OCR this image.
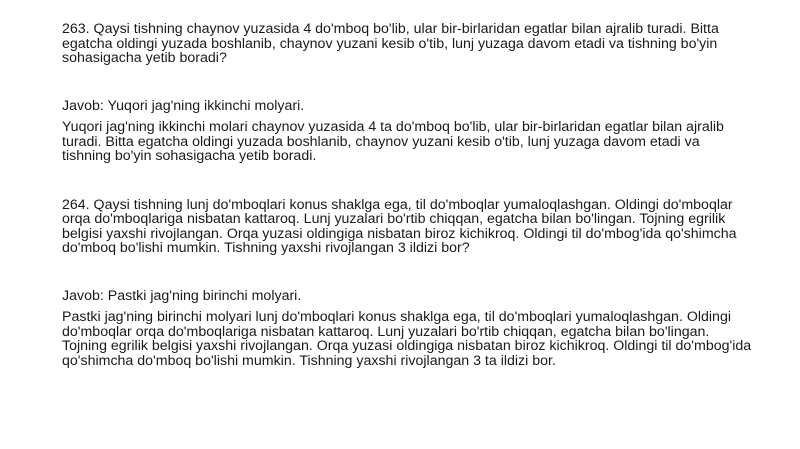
263. Qaysi tishning chaynov yuzasida 4 do'mboq bo'lib, ular bir-birlaridan egatlar bilan ajralib turadi. Bitta egatcha oldingi yuzada boshlanib, chaynov yuzani kesib o'tib, lunj yuzaga davom etadi va tishning bo'yin sohasigacha yetib boradi?

Javob: Yuqori jag'ning ikkinchi molyari.

Yuqori jag'ning ikkinchi molari chaynov yuzasida 4 ta do'mboq bo'lib, ular bir-birlaridan egatlar bilan ajralib turadi. Bitta egatcha oldingi yuzada boshlanib, chaynov yuzani kesib o'tib, lunj yuzaga davom etadi va tishning bo'yin sohasigacha yetib boradi.

264. Qaysi tishning lunj do'mboqlari konus shaklga ega, til do'mboqlar yumaloqlashgan. Oldingi do'mboqlar orqa do'mboqlariga nisbatan kattaroq. Lunj yuzalari bo'rtib chiqqan, egatcha bilan bo'lingan. Tojning egrilik belgisi yaxshi rivojlangan. Orqa yuzasi oldingiga nisbatan biroz kichikroq. Oldingi til do'mbog'ida qo'shimcha do'mboq bo'lishi mumkin. Tishning yaxshi rivojlangan 3 ildizi bor?

Javob: Pastki jag'ning birinchi molyari.

Pastki jag'ning birinchi molyari lunj do'mboqlari konus shaklga ega, til do'mboqlari yumaloqlashgan. Oldingi do'mboqlar orqa do'mboqlariga nisbatan kattaroq. Lunj yuzalari bo'rtib chiqqan, egatcha bilan bo'lingan. Tojning egrilik belgisi yaxshi rivojlangan. Orqa yuzasi oldingiga nisbatan biroz kichikroq. Oldingi til do'mbog'ida qo'shimcha do'mboq bo'lishi mumkin. Tishning yaxshi rivojlangan 3 ta ildizi bor.
